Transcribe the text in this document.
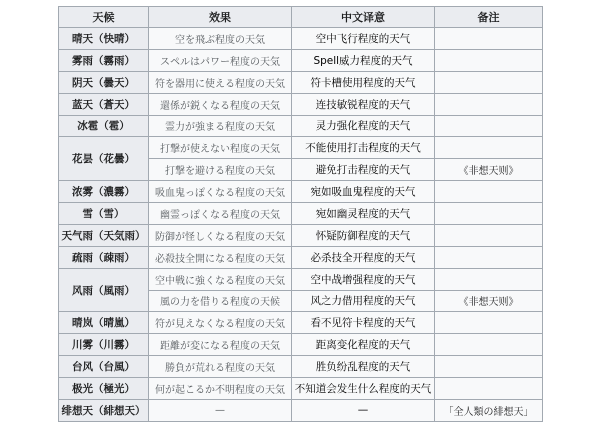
天候	效果	中文译意	备注
晴天（快晴）	空を飛ぶ程度の天気	空中飞行程度的天气	
雾雨（霧雨）	スペルはパワー程度の天気	Spell威力程度的天气	
阴天（曇天）	符を器用に使える程度の天気	符卡槽使用程度的天气	
蓝天（蒼天）	還係が鋭くなる程度の天気	连技敏锐程度的天气	
冰雹（雹）	霊力が強まる程度の天気	灵力强化程度的天气	
花昙（花曇）	打撃が使えない程度の天気	不能使用打击程度的天气	
	打撃を避ける程度の天気	避免打击程度的天气	《非想天则》
浓雾（濃霧）	吸血鬼っぽくなる程度の天気	宛如吸血鬼程度的天气	
雪（雪）	幽霊っぽくなる程度の天気	宛如幽灵程度的天气	
天气雨（天気雨）	防御が怪しくなる程度の天気	怀疑防御程度的天气	
疏雨（疎雨）	必殺技全開になる程度の天気	必杀技全开程度的天气	
风雨（風雨）	空中戦に強くなる程度の天気	空中战增强程度的天气	
	風の力を借りる程度の天候	风之力借用程度的天气	《非想天则》
晴岚（晴嵐）	符が見えなくなる程度の天気	看不见符卡程度的天气	
川雾（川霧）	距離が変になる程度の天気	距离变化程度的天气	
台风（台風）	勝負が荒れる程度の天気	胜负纷乱程度的天气	
极光（極光）	何が起こるか不明程度の天気	不知道会发生什么程度的天气	
绯想天（緋想天）	—	—	「全人類の緋想天」
